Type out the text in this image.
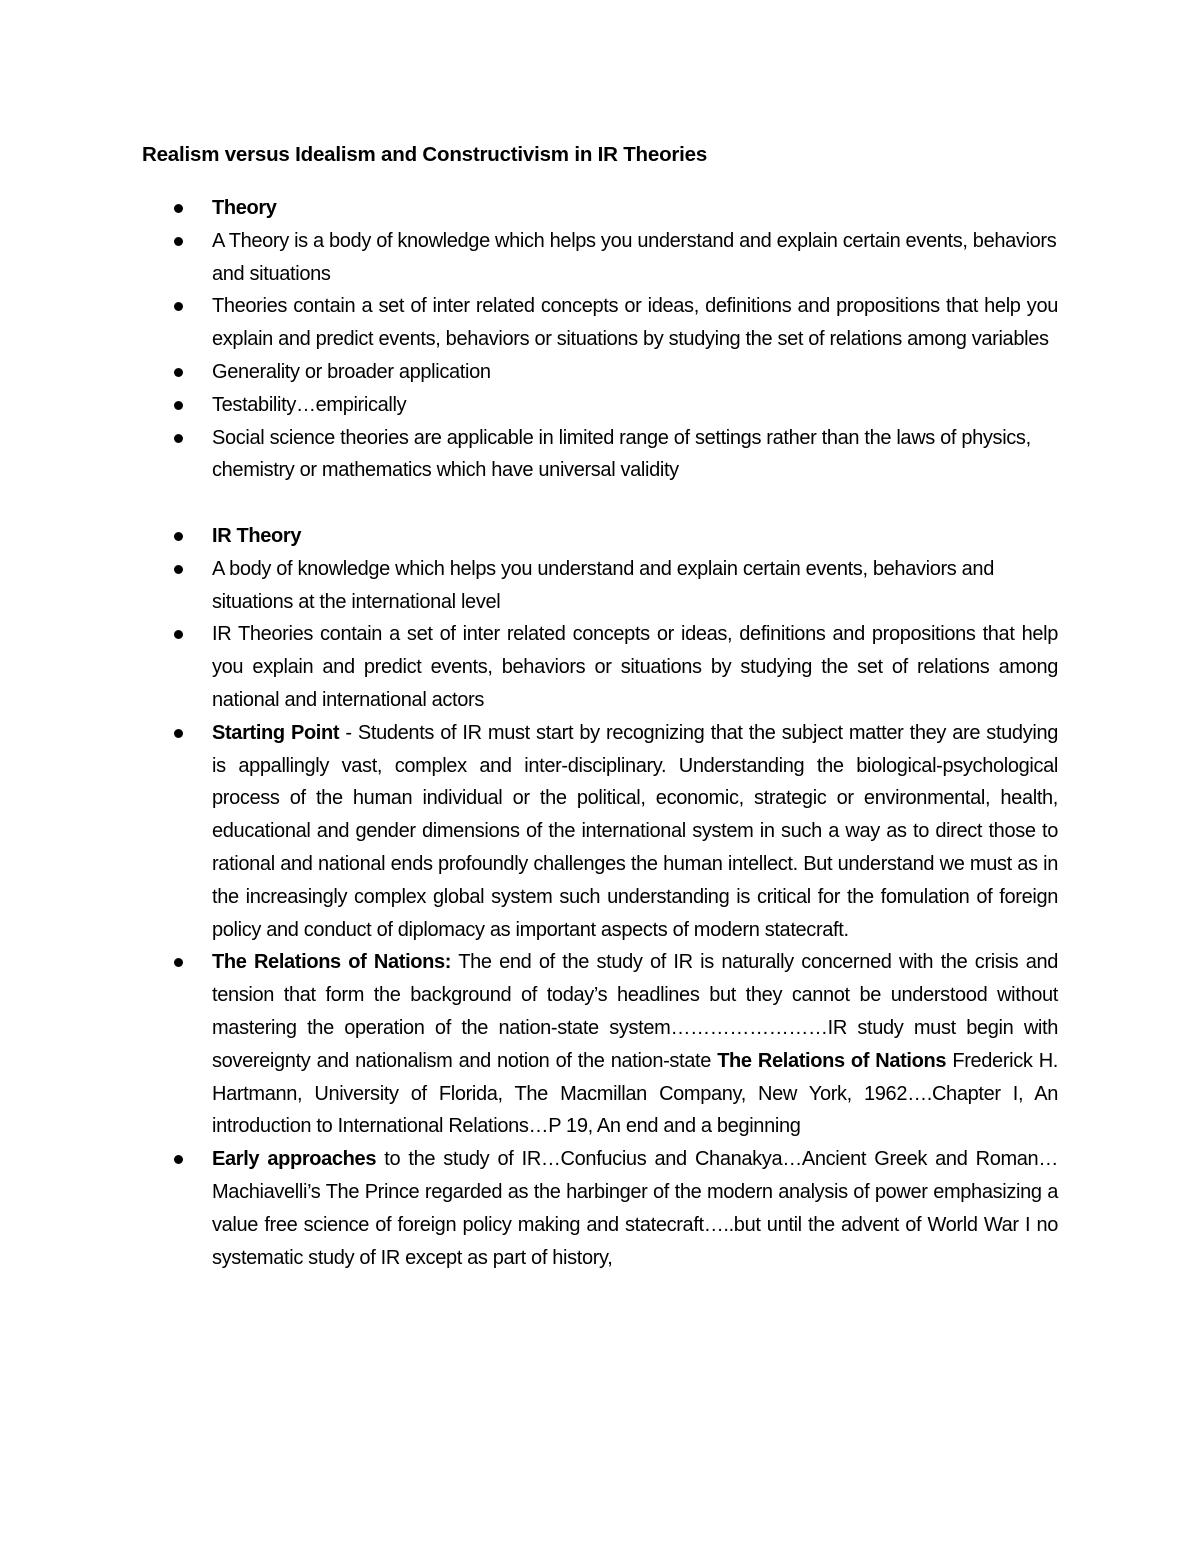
Realism versus Idealism and Constructivism in IR Theories
Theory
A Theory is a body of knowledge which helps you understand and explain certain events, behaviors and situations
Theories contain a set of inter related concepts or ideas, definitions and propositions that help you explain and predict events, behaviors or situations by studying the set of relations among variables
Generality or broader application
Testability…empirically
Social science theories are applicable in limited range of settings rather than the laws of physics, chemistry or mathematics which have universal validity
IR Theory
A body of knowledge which helps you understand and explain certain events, behaviors and situations at the international level
IR Theories contain a set of inter related concepts or ideas, definitions and propositions that help you explain and predict events, behaviors or situations by studying the set of relations among national and international actors
Starting Point - Students of IR must start by recognizing that the subject matter they are studying is appallingly vast, complex and inter-disciplinary. Understanding the biological-psychological process of the human individual or the political, economic, strategic or environmental, health, educational and gender dimensions of the international system in such a way as to direct those to rational and national ends profoundly challenges the human intellect. But understand we must as in the increasingly complex global system such understanding is critical for the fomulation of foreign policy and conduct of diplomacy as important aspects of modern statecraft.
The Relations of Nations: The end of the study of IR is naturally concerned with the crisis and tension that form the background of today’s headlines but they cannot be understood without mastering the operation of the nation-state system……………………IR study must begin with sovereignty and nationalism and notion of the nation-state The Relations of Nations Frederick H. Hartmann, University of Florida, The Macmillan Company, New York, 1962….Chapter I, An introduction to International Relations…P 19, An end and a beginning
Early approaches to the study of IR…Confucius and Chanakya…Ancient Greek and Roman…Machiavelli’s The Prince regarded as the harbinger of the modern analysis of power emphasizing a value free science of foreign policy making and statecraft…..but until the advent of World War I no systematic study of IR except as part of history,
